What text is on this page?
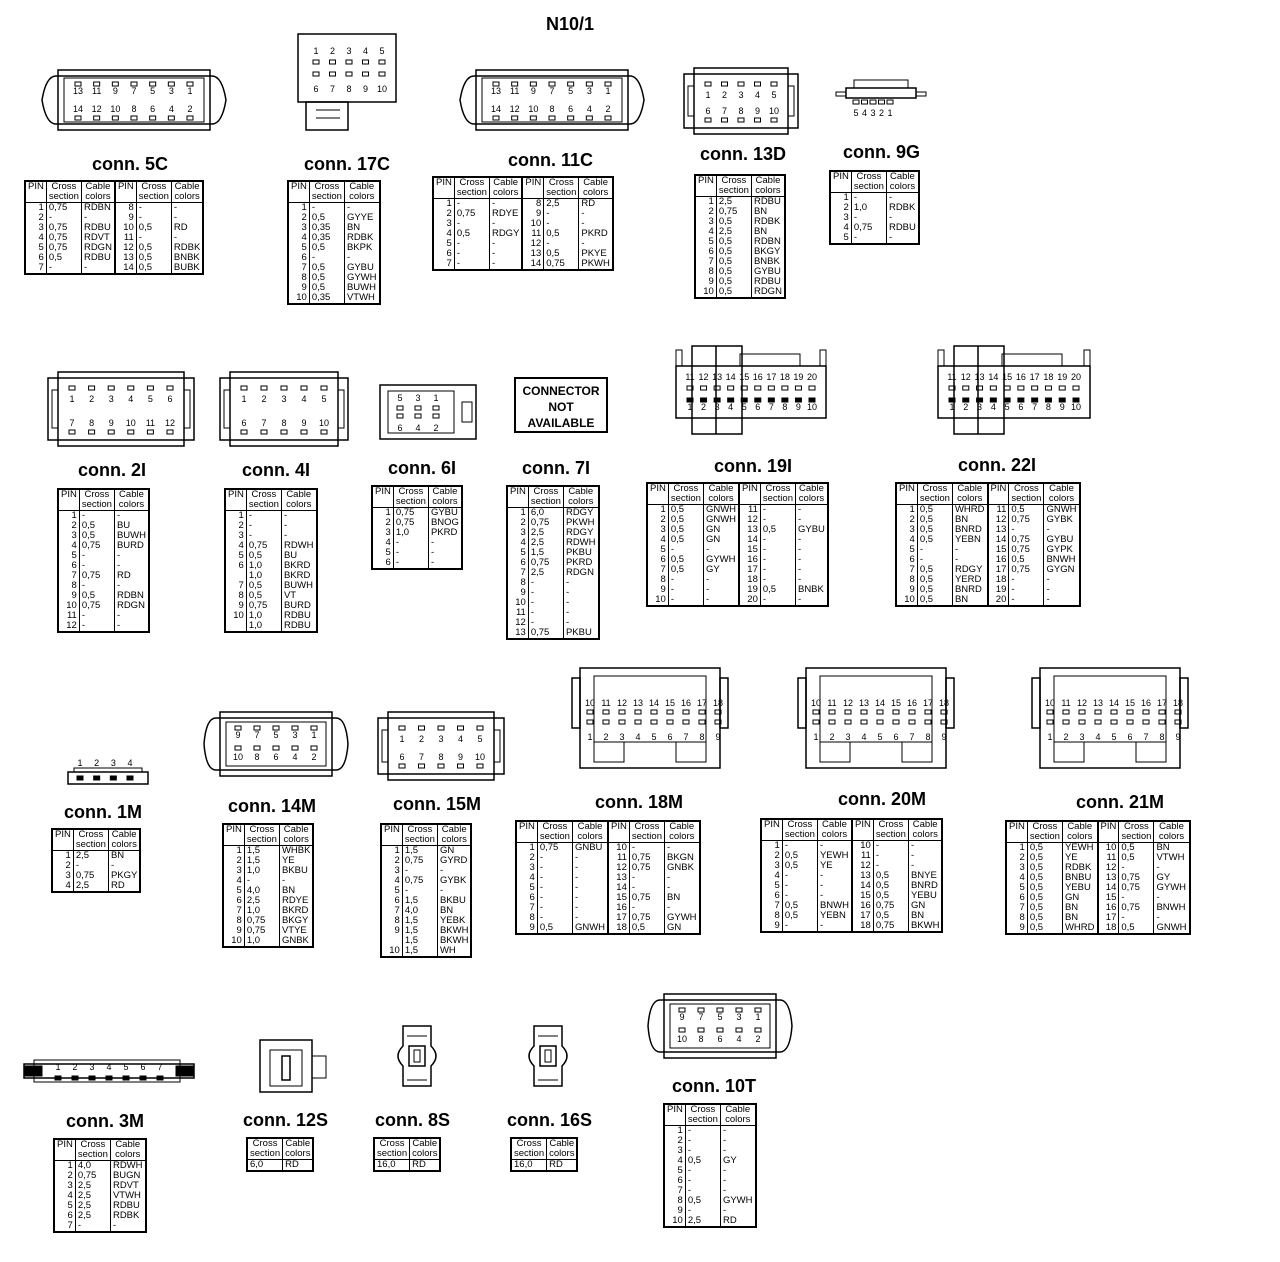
N10/1
CONNECTOR
NOT
AVAILABLE
13 11 9 7 5 3 1
14 12 10 8 6 4 2
13 11 9 7 5 3 1
14 12 10 8 6 4 2
1 2 3 4 5
6 7 8 9 10
1 2 3 4 5
6 7 8 9 10	5 4 3 2 1
1 2 3 4 5 6
7 8 9 10 11 12
1 2 3 4 5
6 7 8 9 10
5 3 1
6 4 2
11 12 13 14 15 16 17 18 19 20
1 2 3 4 5 6 7 8 9 10
11 12 13 14 15 16 17 18 19 20
1 2 3 4 5 6 7 8 9 10
1 2 3 4
9 7 5 3 1
10 8 6 4 2
9 7 5 3 1
10 8 6 4 2
1 2 3 4 5
6 7 8 9 10
10 11 12 13 14 15 16 17 18
1 2 3 4 5 6 7 8 9
10 11 12 13 14 15 16 17 18
1 2 3 4 5 6 7 8 9
10 11 12 13 14 15 16 17 18
1 2 3 4 5 6 7 8 9
1 2 3 4 5 6 7
conn. 5C
PIN	Cross
section	Cable
colors	PIN	Cross
section	Cable
colors
1	0,75	RDBN	8	-	-
2	-	-	9	-	-
3	0,75	RDBU	10	0,5	RD
4	0,75	RDVT	11	-	-
5	0,75	RDGN	12	0,5	RDBK
6	0,5	RDBU	13	0,5	BNBK
7	-	-	14	0,5	BUBK
conn. 17C
PIN	Cross
section	Cable
colors
1	-	-
2	0,5	GYYE
3	0,35	BN
4	0,35	RDBK
5	0,5	BKPK
6	-	-
7	0,5	GYBU
8	0,5	GYWH
9	0,5	BUWH
10	0,35	VTWH
conn. 11C
PIN	Cross
section	Cable
colors	PIN	Cross
section	Cable
colors
1	-	-	8	2,5	RD
2	0,75	RDYE	9	-	-
3	-	-	10	-	-
4	0,5	RDGY	11	0,5	PKRD
5	-	-	12	-	-
6	-	-	13	0,5	PKYE
7	-	-	14	0,75	PKWH
conn. 13D
PIN	Cross
section	Cable
colors
1	2,5	RDBU
2	0,75	BN
3	0,5	RDBK
4	2,5	BN
5	0,5	RDBN
6	0,5	BKGY
7	0,5	BNBK
8	0,5	GYBU
9	0,5	RDBU
10	0,5	RDGN
conn. 9G
PIN	Cross
section	Cable
colors
1	-	-
2	1,0	RDBK
3	-	-
4	0,75	RDBU
5	-	-
conn. 2I
PIN	Cross
section	Cable
colors
1	-	-
2	0,5	BU
3	0,5	BUWH
4	0,75	BURD
5	-	-
6	-	-
7	0,75	RD
8	-	-
9	0,5	RDBN
10	0,75	RDGN
11	-	-
12	-	-
conn. 4I
PIN	Cross
section	Cable
colors
1	-	-
2	-	-
3	-	-
4	0,75	RDWH
5	0,5	BU
6	1,0	BKRD
	1,0	BKRD
7	0,5	BUWH
8	0,5	VT
9	0,75	BURD
10	1,0	RDBU
	1,0	RDBU
conn. 6I
PIN	Cross
section	Cable
colors
1	0,75	GYBU
2	0,75	BNOG
3	1,0	PKRD
4	-	-
5	-	-
6	-	-
conn. 7I
PIN	Cross
section	Cable
colors
1	6,0	RDGY
2	0,75	PKWH
3	2,5	RDGY
4	2,5	RDWH
5	1,5	PKBU
6	0,75	PKRD
7	2,5	RDGN
8	-	-
9	-	-
10	-	-
11	-	-
12	-	-
13	0,75	PKBU
conn. 19I
PIN	Cross
section	Cable
colors	PIN	Cross
section	Cable
colors
1	0,5	GNWH	11	-	-
2	0,5	GNWH	12	-	-
3	0,5	GN	13	0,5	GYBU
4	0,5	GN	14	-	-
5	-	-	15	-	-
6	0,5	GYWH	16	-	-
7	0,5	GY	17	-	-
8	-	-	18	-	-
9	-	-	19	0,5	BNBK
10	-	-	20	-	-
conn. 22I
PIN	Cross
section	Cable
colors	PIN	Cross
section	Cable
colors
1	0,5	WHRD	11	0,5	GNWH
2	0,5	BN	12	0,75	GYBK
3	0,5	BNRD	13	-	-
4	0,5	YEBN	14	0,75	GYBU
5	-	-	15	0,75	GYPK
6	-	-	16	0,5	BNWH
7	0,5	RDGY	17	0,75	GYGN
8	0,5	YERD	18	-	-
9	0,5	BNRD	19	-	-
10	0,5	BN	20	-	-
conn. 1M
PIN	Cross
section	Cable
colors
1	2,5	BN
2	-	-
3	0,75	PKGY
4	2,5	RD
conn. 14M
PIN	Cross
section	Cable
colors
1	1,5	WHBK
2	1,5	YE
3	1,0	BKBU
4	-	-
5	4,0	BN
6	2,5	RDYE
7	1,0	BKRD
8	0,75	BKGY
9	0,75	VTYE
10	1,0	GNBK
conn. 15M
PIN	Cross
section	Cable
colors
1	1,5	GN
2	0,75	GYRD
3	-	-
4	0,75	GYBK
5	-	-
6	1,5	BKBU
7	4,0	BN
8	1,5	YEBK
9	1,5	BKWH
	1,5	BKWH
10	1,5	WH
conn. 18M
PIN	Cross
section	Cable
colors	PIN	Cross
section	Cable
colors
1	0,75	GNBU	10	-	-
2	-	-	11	0,75	BKGN
3	-	-	12	0,75	GNBK
4	-	-	13	-	-
5	-	-	14	-	-
6	-	-	15	0,75	BN
7	-	-	16	-	-
8	-	-	17	0,75	GYWH
9	0,5	GNWH	18	0,5	GN
conn. 20M
PIN	Cross
section	Cable
colors	PIN	Cross
section	Cable
colors
1	-	-	10	-	-
2	0,5	YEWH	11	-	-
3	0,5	YE	12	-	-
4	-	-	13	0,5	BNYE
5	-	-	14	0,5	BNRD
6	-	-	15	0,5	YEBU
7	0,5	BNWH	16	0,75	GN
8	0,5	YEBN	17	0,5	BN
9	-	-	18	0,75	BKWH
conn. 21M
PIN	Cross
section	Cable
colors	PIN	Cross
section	Cable
colors
1	0,5	YEWH	10	0,5	BN
2	0,5	YE	11	0,5	VTWH
3	0,5	RDBK	12	-	-
4	0,5	BNBU	13	0,75	GY
5	0,5	YEBU	14	0,75	GYWH
6	0,5	GN	15	-	-
7	0,5	BN	16	0,75	BNWH
8	0,5	BN	17	-	-
9	0,5	WHRD	18	0,5	GNWH
conn. 3M
PIN	Cross
section	Cable
colors
1	4,0	RDWH
2	0,75	BUGN
3	2,5	RDVT
4	2,5	VTWH
5	2,5	RDBU
6	2,5	RDBK
7	-	-
conn. 12S
Cross
section	Cable
colors
6,0	RD
conn. 8S
Cross
section	Cable
colors
16,0	RD
conn. 16S
Cross
section	Cable
colors
16,0	RD
conn. 10T
PIN	Cross
section	Cable
colors
1	-	-
2	-	-
3	-	-
4	0,5	GY
5	-	-
6	-	-
7	-	-
8	0,5	GYWH
9	-	-
10	2,5	RD
